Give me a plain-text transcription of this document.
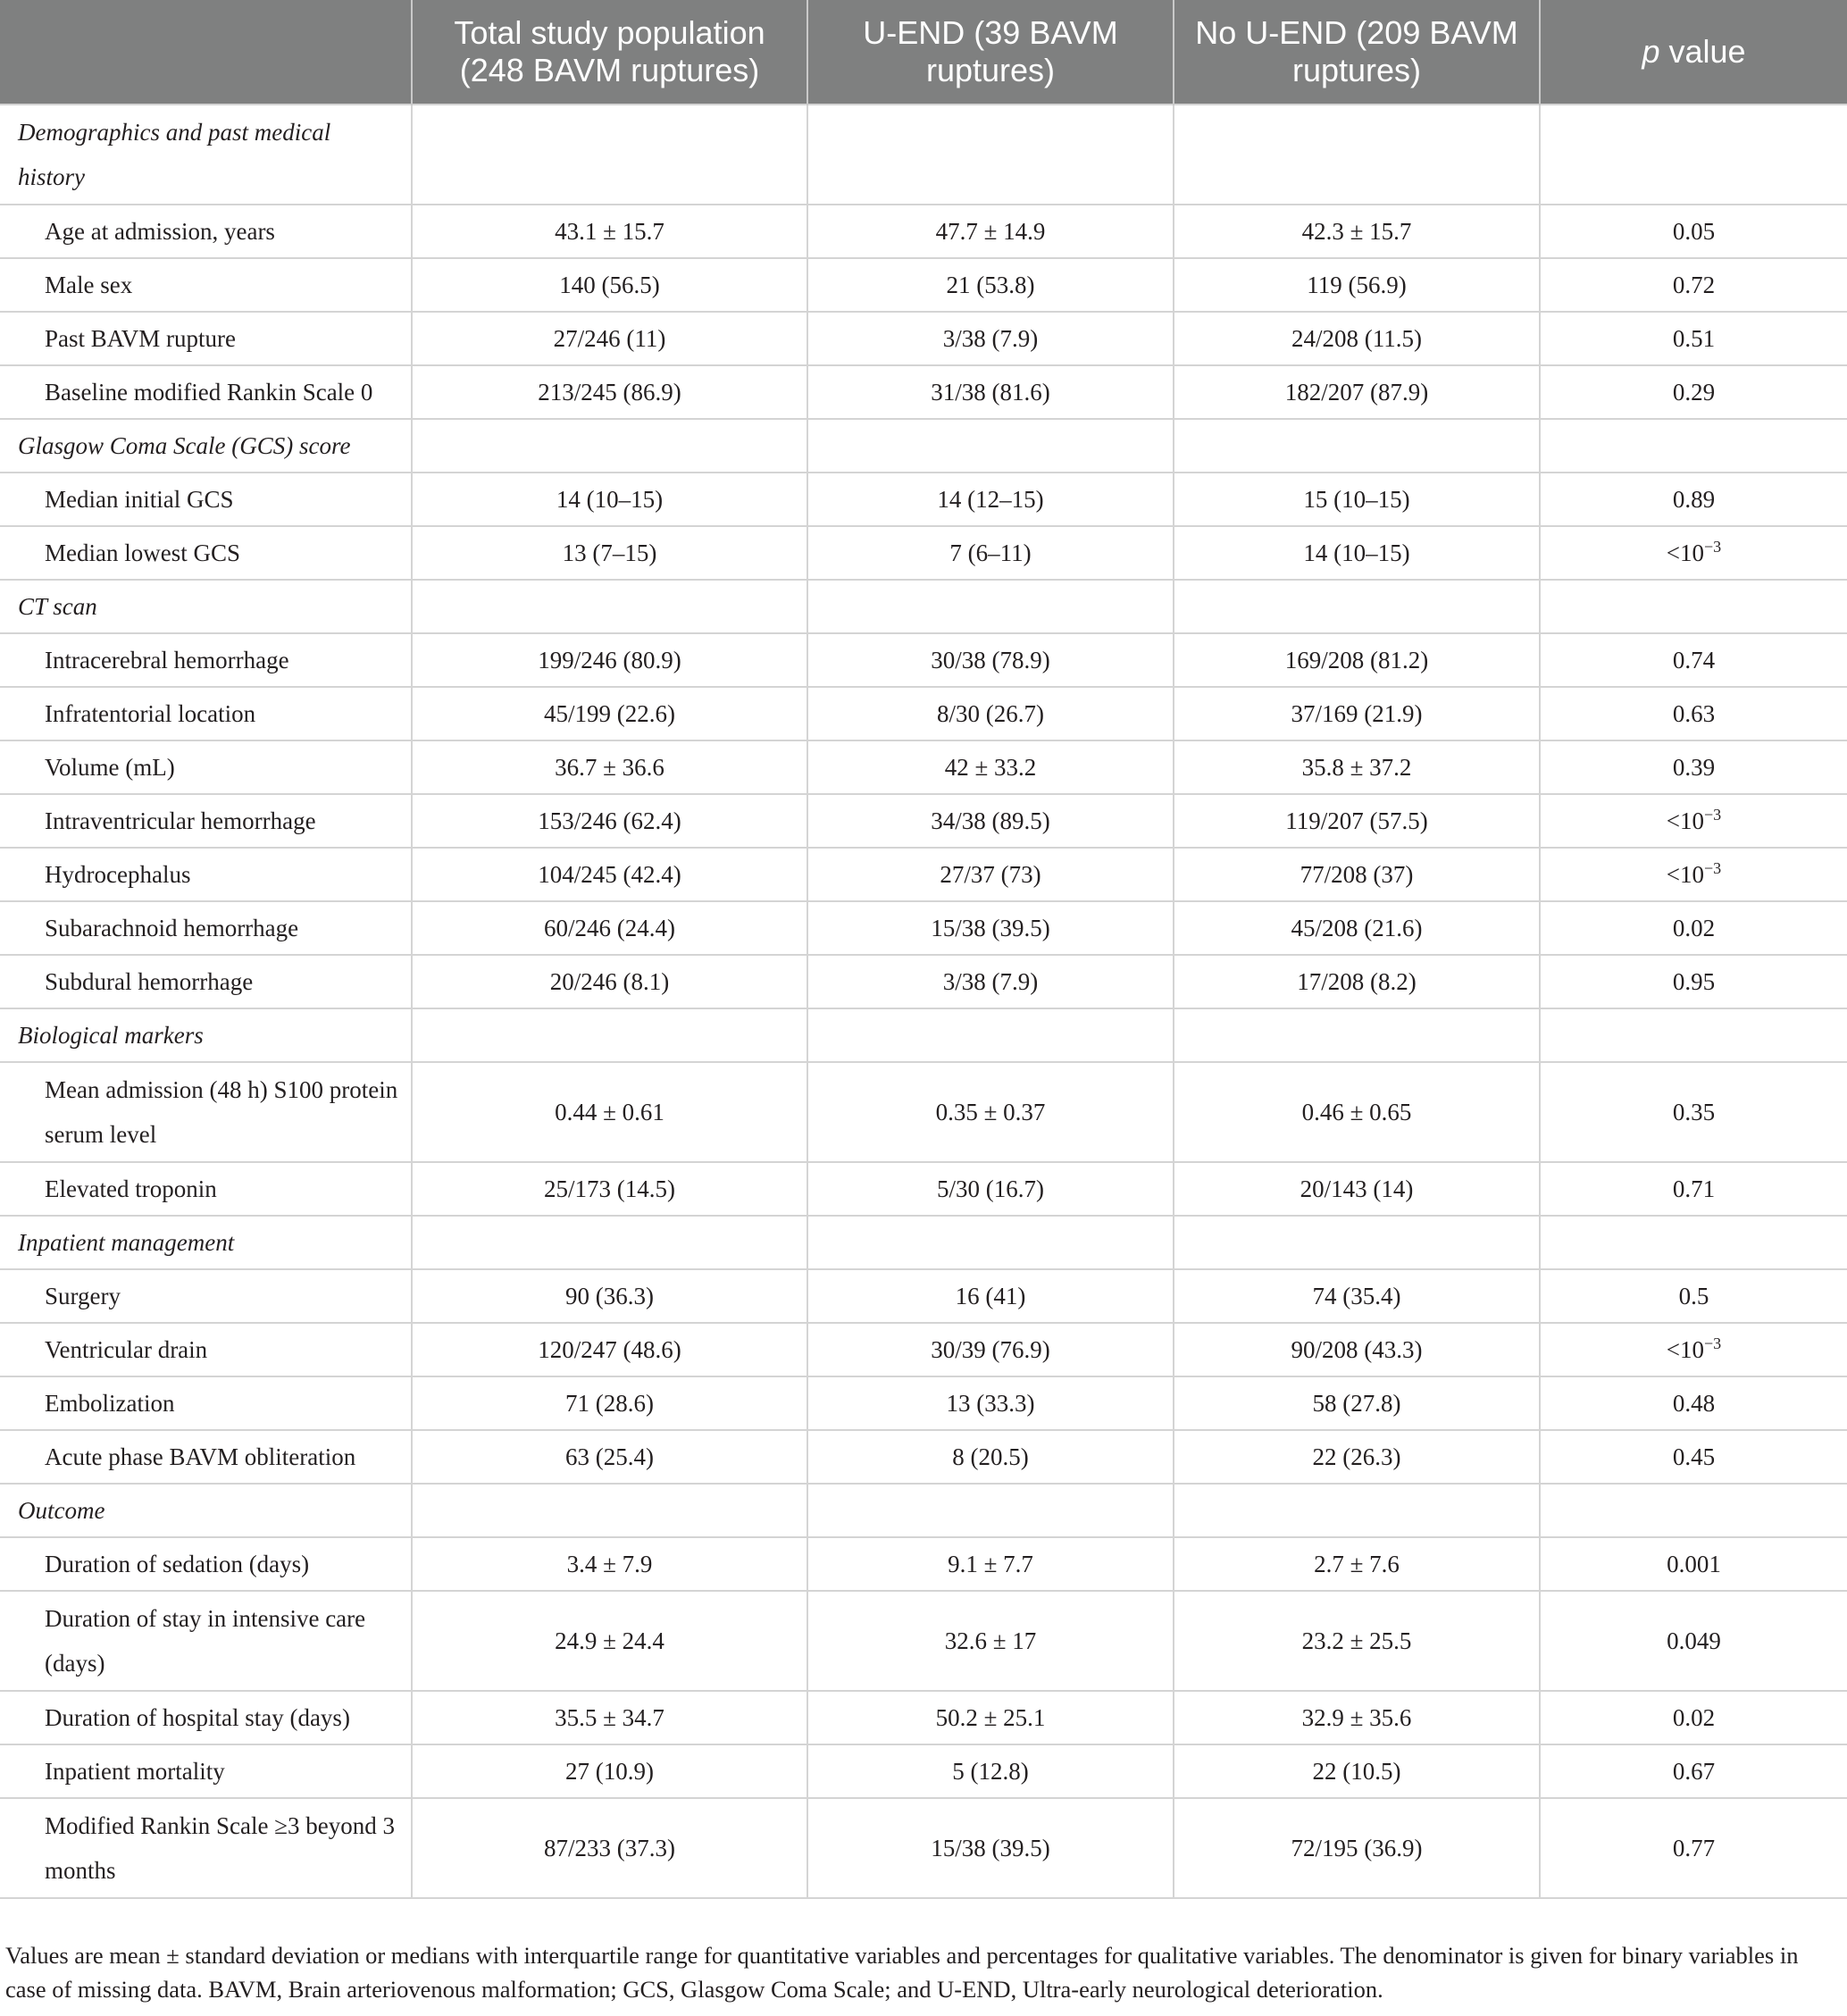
	Total study population (248 BAVM ruptures)	U-END (39 BAVM ruptures)	No U-END (209 BAVM ruptures)	p value
Demographics and past medical history				
Age at admission, years	43.1 ± 15.7	47.7 ± 14.9	42.3 ± 15.7	0.05
Male sex	140 (56.5)	21 (53.8)	119 (56.9)	0.72
Past BAVM rupture	27/246 (11)	3/38 (7.9)	24/208 (11.5)	0.51
Baseline modified Rankin Scale 0	213/245 (86.9)	31/38 (81.6)	182/207 (87.9)	0.29
Glasgow Coma Scale (GCS) score				
Median initial GCS	14 (10–15)	14 (12–15)	15 (10–15)	0.89
Median lowest GCS	13 (7–15)	7 (6–11)	14 (10–15)	$<10^{-3}$
CT scan				
Intracerebral hemorrhage	199/246 (80.9)	30/38 (78.9)	169/208 (81.2)	0.74
Infratentorial location	45/199 (22.6)	8/30 (26.7)	37/169 (21.9)	0.63
Volume (mL)	36.7 ± 36.6	42 ± 33.2	35.8 ± 37.2	0.39
Intraventricular hemorrhage	153/246 (62.4)	34/38 (89.5)	119/207 (57.5)	$<10^{-3}$
Hydrocephalus	104/245 (42.4)	27/37 (73)	77/208 (37)	$<10^{-3}$
Subarachnoid hemorrhage	60/246 (24.4)	15/38 (39.5)	45/208 (21.6)	0.02
Subdural hemorrhage	20/246 (8.1)	3/38 (7.9)	17/208 (8.2)	0.95
Biological markers				
Mean admission (48 h) S100 protein serum level	0.44 ± 0.61	0.35 ± 0.37	0.46 ± 0.65	0.35
Elevated troponin	25/173 (14.5)	5/30 (16.7)	20/143 (14)	0.71
Inpatient management				
Surgery	90 (36.3)	16 (41)	74 (35.4)	0.5
Ventricular drain	120/247 (48.6)	30/39 (76.9)	90/208 (43.3)	$<10^{-3}$
Embolization	71 (28.6)	13 (33.3)	58 (27.8)	0.48
Acute phase BAVM obliteration	63 (25.4)	8 (20.5)	22 (26.3)	0.45
Outcome				
Duration of sedation (days)	3.4 ± 7.9	9.1 ± 7.7	2.7 ± 7.6	0.001
Duration of stay in intensive care (days)	24.9 ± 24.4	32.6 ± 17	23.2 ± 25.5	0.049
Duration of hospital stay (days)	35.5 ± 34.7	50.2 ± 25.1	32.9 ± 35.6	0.02
Inpatient mortality	27 (10.9)	5 (12.8)	22 (10.5)	0.67
Modified Rankin Scale ≥3 beyond 3 months	87/233 (37.3)	15/38 (39.5)	72/195 (36.9)	0.77
Values are mean ± standard deviation or medians with interquartile range for quantitative variables and percentages for qualitative variables. The denominator is given for binary variables in case of missing data. BAVM, Brain arteriovenous malformation; GCS, Glasgow Coma Scale; and U-END, Ultra-early neurological deterioration.
